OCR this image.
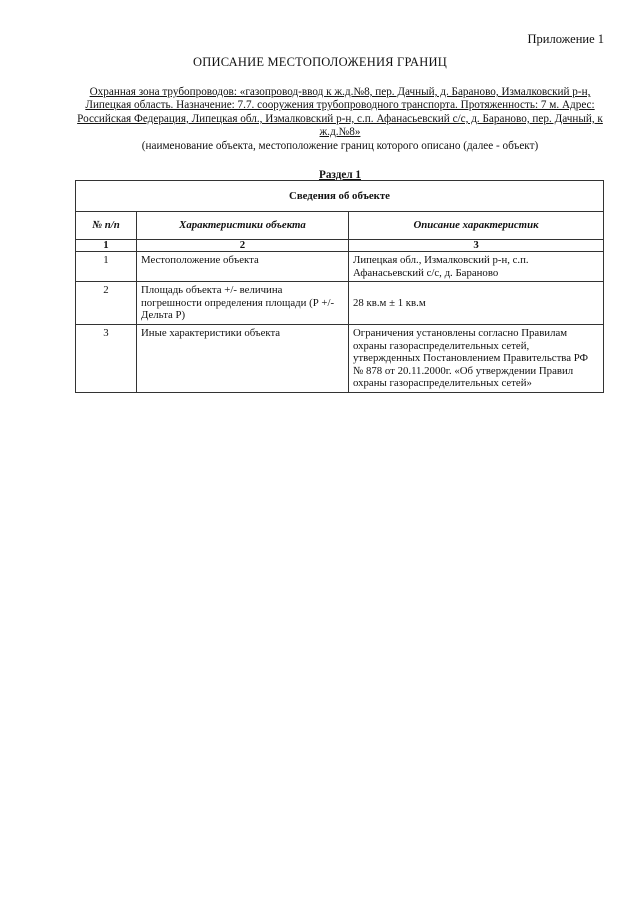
Приложение 1
ОПИСАНИЕ МЕСТОПОЛОЖЕНИЯ ГРАНИЦ
Охранная зона трубопроводов: «газопровод-ввод к ж.д.№8, пер. Дачный, д. Бараново, Измалковский р-н, Липецкая область. Назначение: 7.7. сооружения трубопроводного транспорта. Протяженность: 7 м. Адрес: Российская Федерация, Липецкая обл., Измалковский р-н, с.п. Афанасьевский с/с, д. Бараново, пер. Дачный, к ж.д.№8»
(наименование объекта, местоположение границ которого описано (далее - объект)
Раздел 1
Сведения об объекте		
№ п/п	Характеристики объекта	Описание характеристик
1	2	3
1	Местоположение объекта	Липецкая обл., Измалковский р-н, с.п. Афанасьевский с/с, д. Бараново
2	Площадь объекта +/- величина погрешности определения площади (Р +/- Дельта Р)	28 кв.м ± 1 кв.м
3	Иные характеристики объекта	Ограничения установлены согласно Правилам охраны газораспределительных сетей, утвержденных Постановлением Правительства РФ № 878 от 20.11.2000г. «Об утверждении Правил охраны газораспределительных сетей»
